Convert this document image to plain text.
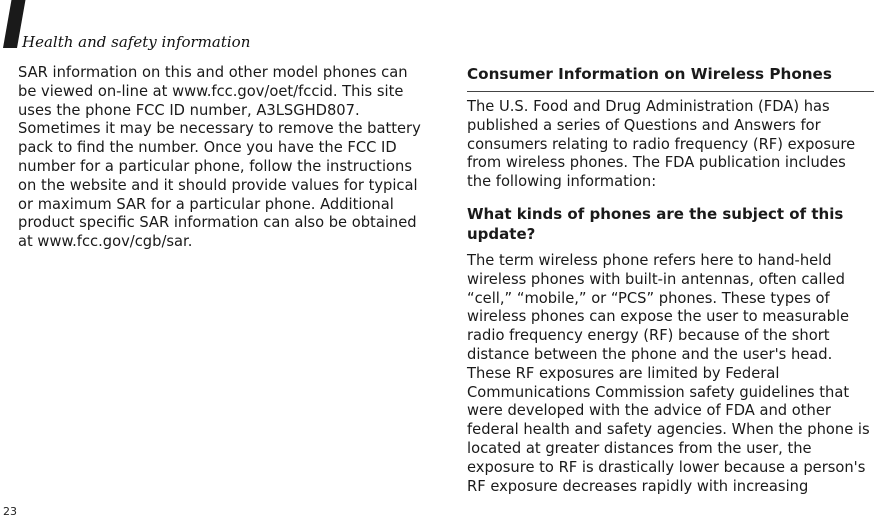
Health and safety information

SAR information on this and other model phones can
be viewed on-line at www.fcc.gov/oet/fccid. This site
uses the phone FCC ID number, A3LSGHD807.
Sometimes it may be necessary to remove the battery
pack to find the number. Once you have the FCC ID
number for a particular phone, follow the instructions
on the website and it should provide values for typical
or maximum SAR for a particular phone. Additional
product specific SAR information can also be obtained
at www.fcc.gov/cgb/sar.

Consumer Information on Wireless Phones

The U.S. Food and Drug Administration (FDA) has
published a series of Questions and Answers for
consumers relating to radio frequency (RF) exposure
from wireless phones. The FDA publication includes
the following information:

What kinds of phones are the subject of this
update?

The term wireless phone refers here to hand-held
wireless phones with built-in antennas, often called
“cell,” “mobile,” or “PCS” phones. These types of
wireless phones can expose the user to measurable
radio frequency energy (RF) because of the short
distance between the phone and the user's head.
These RF exposures are limited by Federal
Communications Commission safety guidelines that
were developed with the advice of FDA and other
federal health and safety agencies. When the phone is
located at greater distances from the user, the
exposure to RF is drastically lower because a person's
RF exposure decreases rapidly with increasing

23
